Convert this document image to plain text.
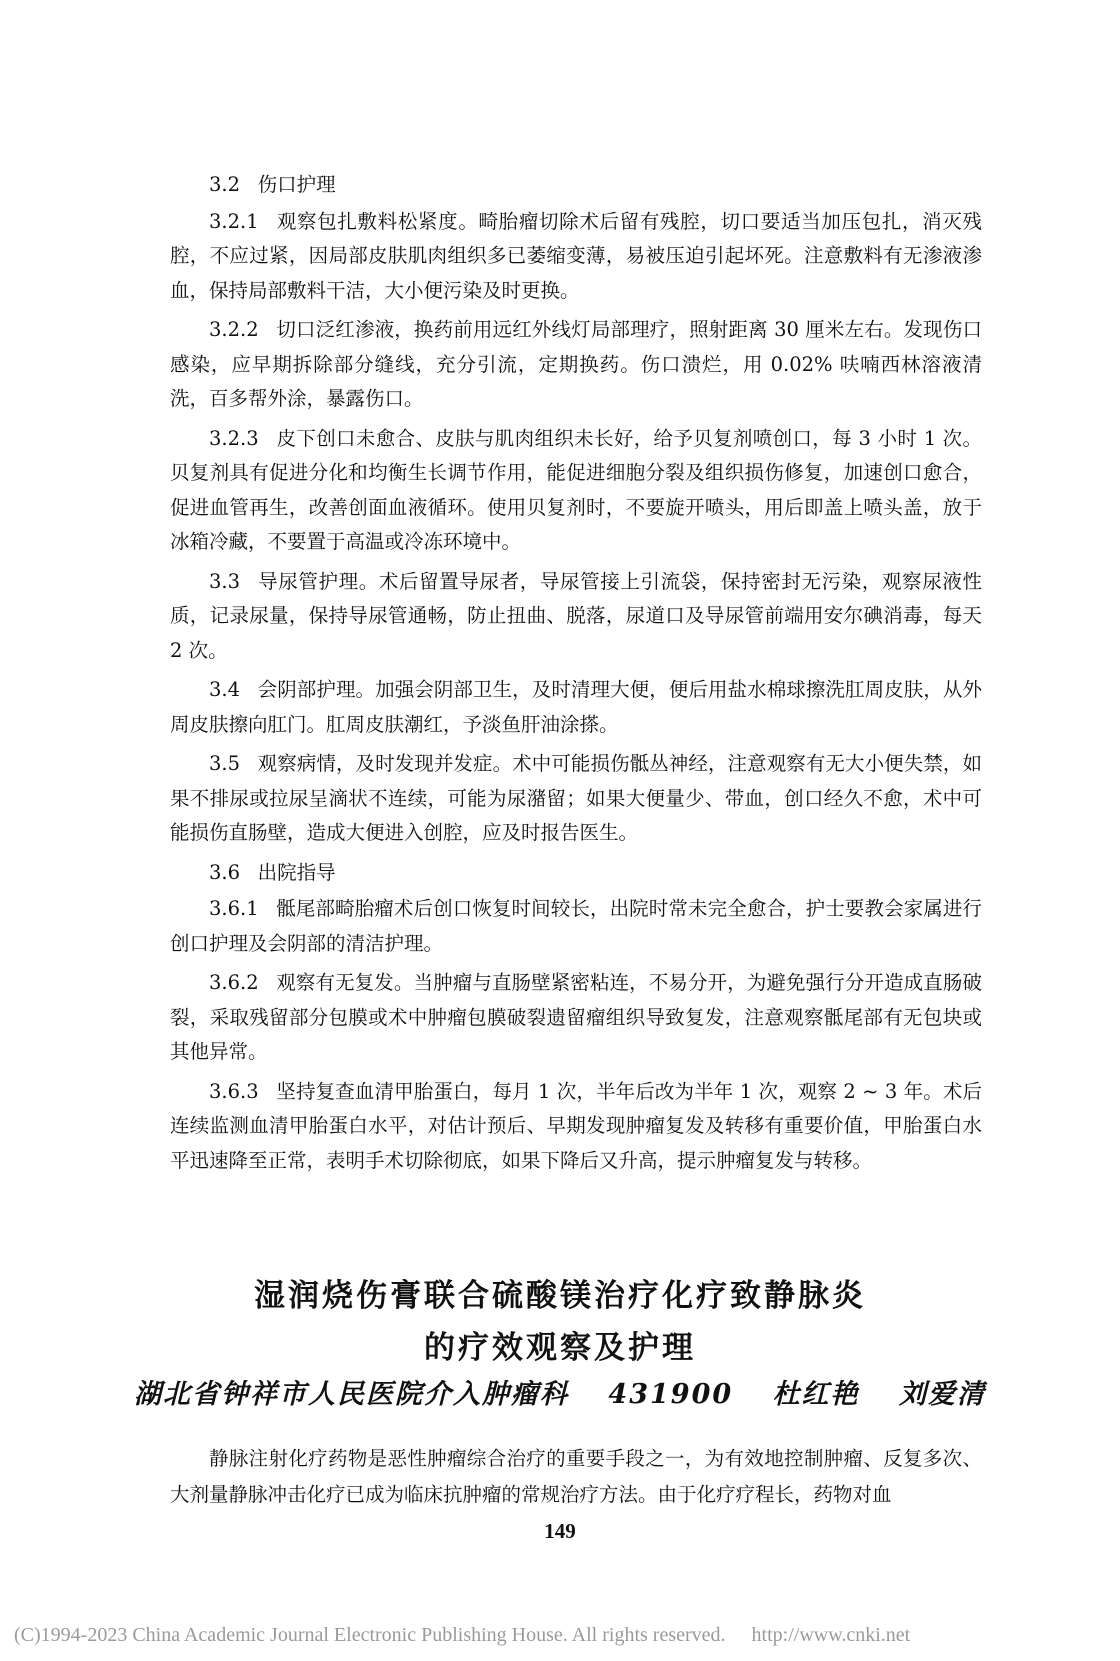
3.2 伤口护理

3.2.1 观察包扎敷料松紧度。畸胎瘤切除术后留有残腔，切口要适当加压包扎，消灭残腔，不应过紧，因局部皮肤肌肉组织多已萎缩变薄，易被压迫引起坏死。注意敷料有无渗液渗血，保持局部敷料干洁，大小便污染及时更换。

3.2.2 切口泛红渗液，换药前用远红外线灯局部理疗，照射距离 30 厘米左右。发现伤口感染，应早期拆除部分缝线，充分引流，定期换药。伤口溃烂，用 0.02% 呋喃西林溶液清洗，百多帮外涂，暴露伤口。

3.2.3 皮下创口未愈合、皮肤与肌肉组织未长好，给予贝复剂喷创口，每 3 小时 1 次。贝复剂具有促进分化和均衡生长调节作用，能促进细胞分裂及组织损伤修复，加速创口愈合，促进血管再生，改善创面血液循环。使用贝复剂时，不要旋开喷头，用后即盖上喷头盖，放于冰箱冷藏，不要置于高温或冷冻环境中。

3.3 导尿管护理。术后留置导尿者，导尿管接上引流袋，保持密封无污染，观察尿液性质，记录尿量，保持导尿管通畅，防止扭曲、脱落，尿道口及导尿管前端用安尔碘消毒，每天 2 次。

3.4 会阴部护理。加强会阴部卫生，及时清理大便，便后用盐水棉球擦洗肛周皮肤，从外周皮肤擦向肛门。肛周皮肤潮红，予淡鱼肝油涂搽。

3.5 观察病情，及时发现并发症。术中可能损伤骶丛神经，注意观察有无大小便失禁，如果不排尿或拉尿呈滴状不连续，可能为尿潴留；如果大便量少、带血，创口经久不愈，术中可能损伤直肠壁，造成大便进入创腔，应及时报告医生。

3.6 出院指导

3.6.1 骶尾部畸胎瘤术后创口恢复时间较长，出院时常未完全愈合，护士要教会家属进行创口护理及会阴部的清洁护理。

3.6.2 观察有无复发。当肿瘤与直肠壁紧密粘连，不易分开，为避免强行分开造成直肠破裂，采取残留部分包膜或术中肿瘤包膜破裂遗留瘤组织导致复发，注意观察骶尾部有无包块或其他异常。

3.6.3 坚持复查血清甲胎蛋白，每月 1 次，半年后改为半年 1 次，观察 2 ~ 3 年。术后连续监测血清甲胎蛋白水平，对估计预后、早期发现肿瘤复发及转移有重要价值，甲胎蛋白水平迅速降至正常，表明手术切除彻底，如果下降后又升高，提示肿瘤复发与转移。

湿润烧伤膏联合硫酸镁治疗化疗致静脉炎
的疗效观察及护理
湖北省钟祥市人民医院介入肿瘤科 431900 杜红艳 刘爱清

静脉注射化疗药物是恶性肿瘤综合治疗的重要手段之一，为有效地控制肿瘤、反复多次、大剂量静脉冲击化疗已成为临床抗肿瘤的常规治疗方法。由于化疗疗程长，药物对血

149
(C)1994-2023 China Academic Journal Electronic Publishing House. All rights reserved. http://www.cnki.net
